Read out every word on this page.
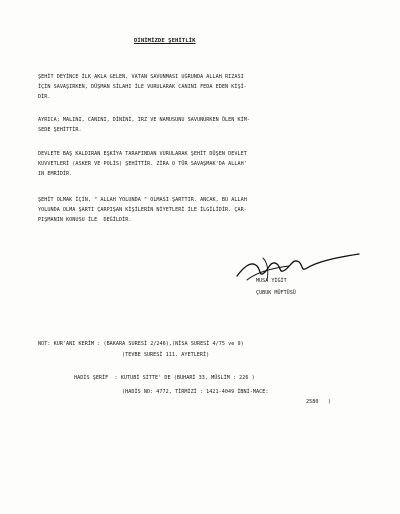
DİNİMİZDE ŞEHİTLİK

ŞEHİT DEYİNCE İLK AKLA GELEN, VATAN SAVUNMASI UĞRUNDA ALLAH RIZASI

İÇİN SAVAŞIRKEN, DÜŞMAN SİLAHI İLE VURULARAK CANINI FEDA EDEN KİŞİ-

DİR.

AYRICA; MALINI, CANINI, DİNİNİ, IRZ VE NAMUSUNU SAVUNURKEN ÖLEN KİM-

SEDE ŞEHİTTİR.

DEVLETE BAŞ KALDIRAN EŞKİYA TARAFINDAN VURULARAK ŞEHİT DÜŞEN DEVLET

KUVVETLERİ (ASKER VE POLİS) ŞEHİTTİR. ZİRA O TÜR SAVAŞMAK'DA ALLAH'

IN EMRİDİR.

ŞEHİT OLMAK İÇİN, " ALLAH YOLUNDA " OLMASI ŞARTTIR. ANCAK, BU ALLAH

YOLUNDA OLMA ŞARTI ÇARPIŞAN KİŞİLERİN NİYETLERİ İLE İLGİLİDİR. ÇAR-

PIŞMANIN KONUSU İLE  DEĞİLDİR.

MUSA YİĞİT

ÇUBUK MÜFTÜSÜ

NOT: KUR'ANI KERİM : (BAKARA SURESİ 2/246),(NİSA SURESİ 4/75 ve 9)

(TEVBE SURESİ 111. AYETLERİ)

HADİS ŞERİF  : KUTUBİ SİTTE' DE (BUHARİ 33, MÜSLİM : 226 )

(HADİS NO: 4772, TİRMİZİ : 1421-4049 İBNİ-MACE:

2580   )
